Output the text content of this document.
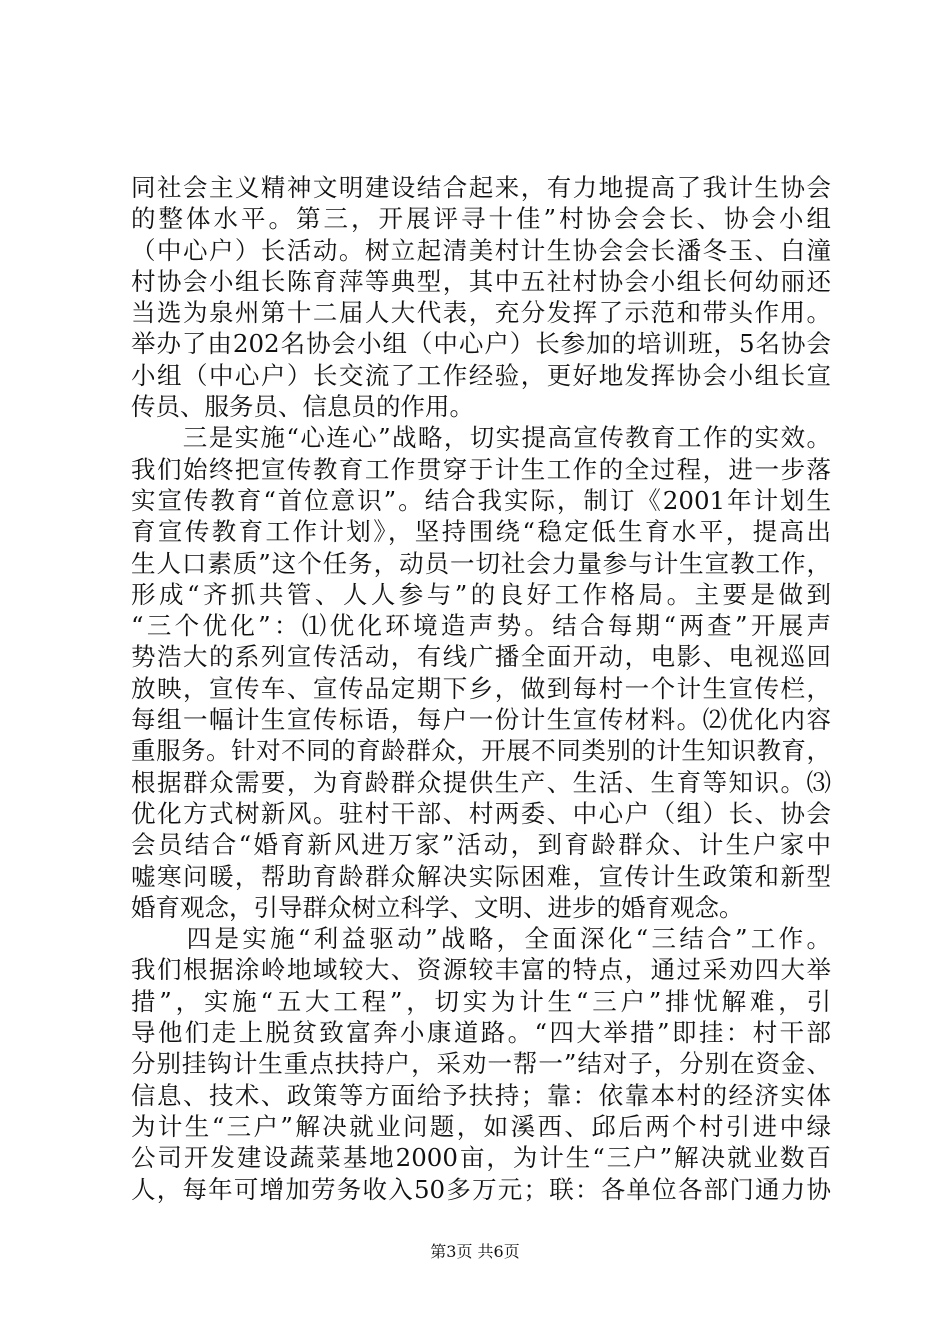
同社会主义精神文明建设结合起来，有力地提高了我计生协会
的整体水平。第三，开展评寻十佳”村协会会长、协会小组
（中心户）长活动。树立起清美村计生协会会长潘冬玉、白潼
村协会小组长陈育萍等典型，其中五社村协会小组长何幼丽还
当选为泉州第十二届人大代表，充分发挥了示范和带头作用。
举办了由202名协会小组（中心户）长参加的培训班，5名协会
小组（中心户）长交流了工作经验，更好地发挥协会小组长宣
传员、服务员、信息员的作用。
　　三是实施“心连心”战略，切实提高宣传教育工作的实效。
我们始终把宣传教育工作贯穿于计生工作的全过程，进一步落
实宣传教育“首位意识”。结合我实际，制订《2001年计划生
育宣传教育工作计划》，坚持围绕“稳定低生育水平，提高出
生人口素质”这个任务，动员一切社会力量参与计生宣教工作，
形成“齐抓共管、人人参与”的良好工作格局。主要是做到
“三个优化”：⑴优化环境造声势。结合每期“两查”开展声
势浩大的系列宣传活动，有线广播全面开动，电影、电视巡回
放映，宣传车、宣传品定期下乡，做到每村一个计生宣传栏，
每组一幅计生宣传标语，每户一份计生宣传材料。⑵优化内容
重服务。针对不同的育龄群众，开展不同类别的计生知识教育，
根据群众需要，为育龄群众提供生产、生活、生育等知识。⑶
优化方式树新风。驻村干部、村两委、中心户（组）长、协会
会员结合“婚育新风进万家”活动，到育龄群众、计生户家中
嘘寒问暖，帮助育龄群众解决实际困难，宣传计生政策和新型
婚育观念，引导群众树立科学、文明、进步的婚育观念。
　　四是实施“利益驱动”战略，全面深化“三结合”工作。
我们根据涂岭地域较大、资源较丰富的特点，通过采劝四大举
措”，实施“五大工程”，切实为计生“三户”排忧解难，引
导他们走上脱贫致富奔小康道路。“四大举措”即挂：村干部
分别挂钩计生重点扶持户，采劝一帮一”结对子，分别在资金、
信息、技术、政策等方面给予扶持；靠：依靠本村的经济实体
为计生“三户”解决就业问题，如溪西、邱后两个村引进中绿
公司开发建设蔬菜基地2000亩，为计生“三户”解决就业数百
人，每年可增加劳务收入50多万元；联：各单位各部门通力协
第3页 共6页
